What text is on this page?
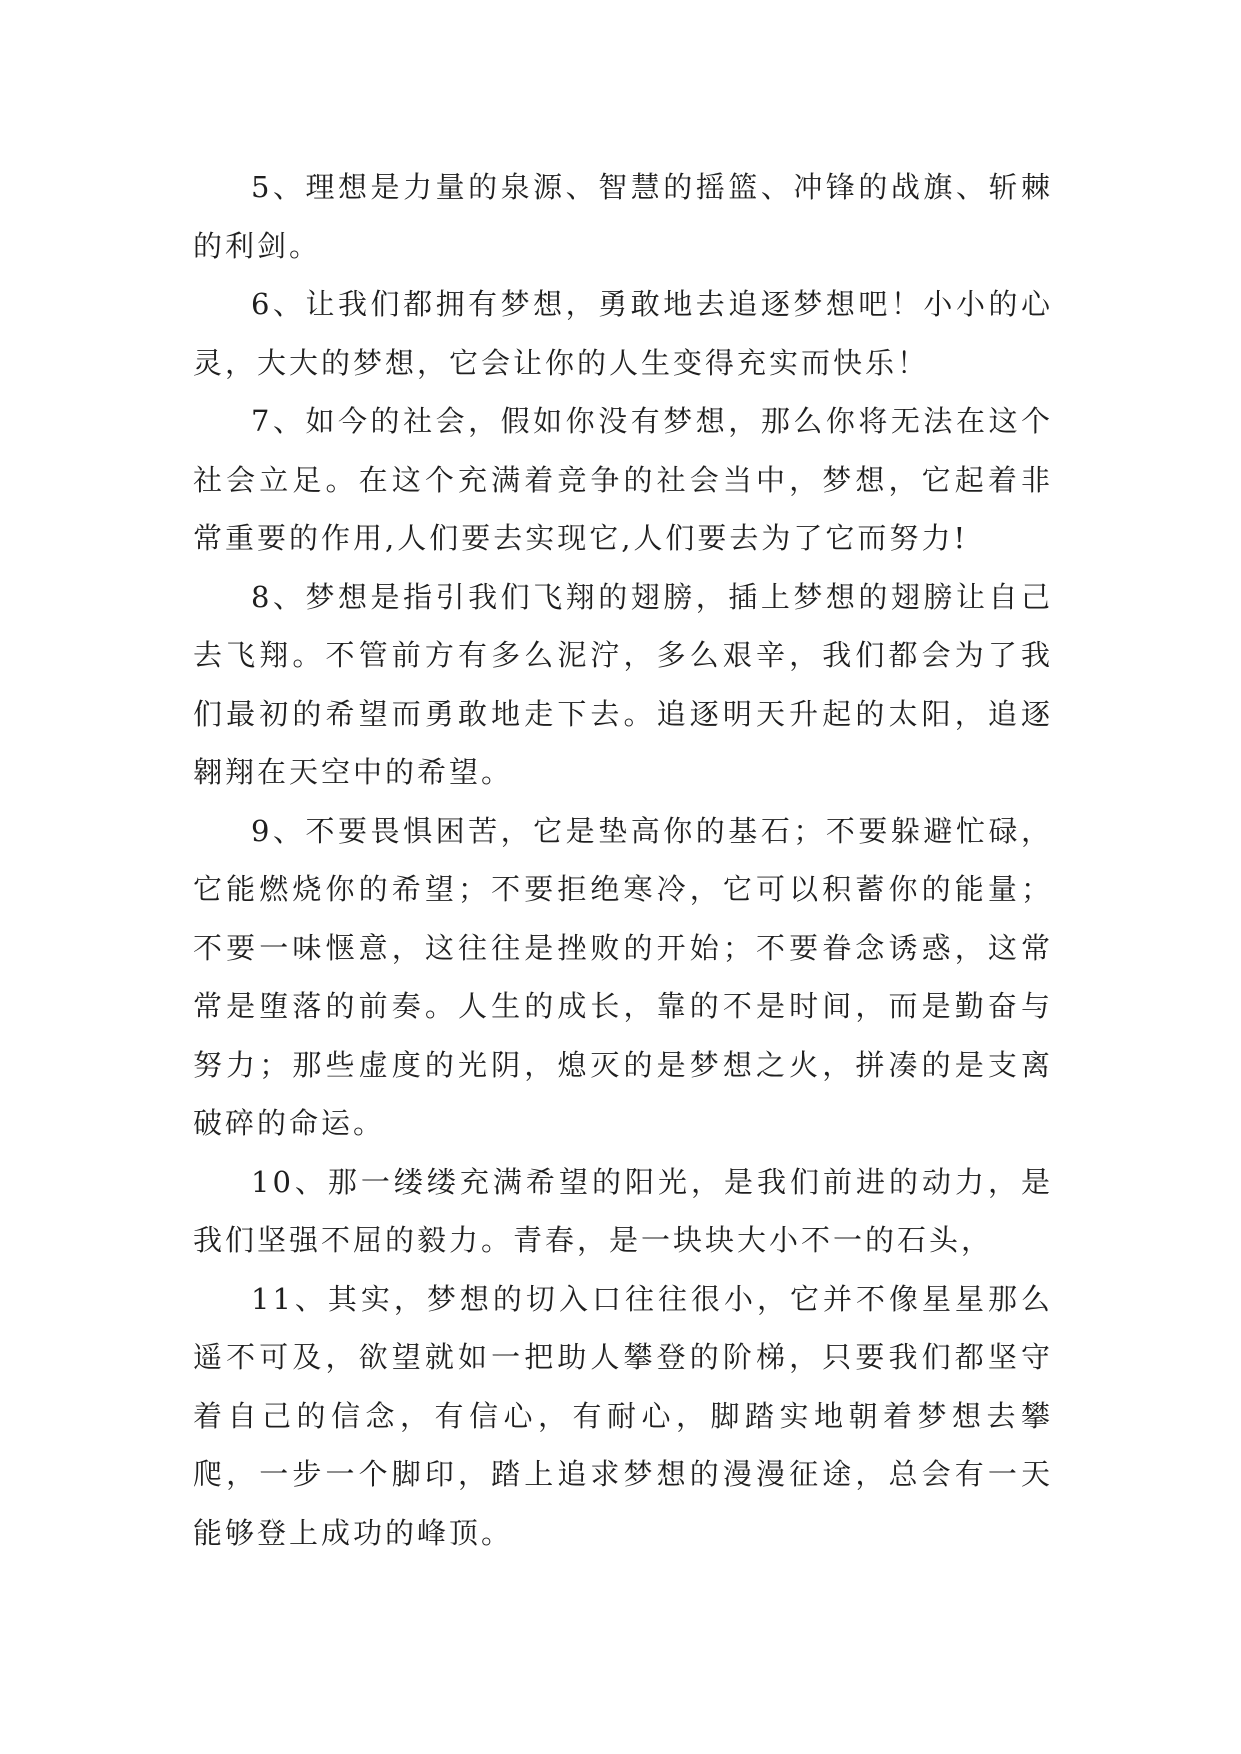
5、理想是力量的泉源、智慧的摇篮、冲锋的战旗、斩棘的利剑。

6、让我们都拥有梦想，勇敢地去追逐梦想吧！小小的心灵，大大的梦想，它会让你的人生变得充实而快乐！

7、如今的社会，假如你没有梦想，那么你将无法在这个社会立足。在这个充满着竞争的社会当中，梦想，它起着非常重要的作用,人们要去实现它,人们要去为了它而努力!

8、梦想是指引我们飞翔的翅膀，插上梦想的翅膀让自己去飞翔。不管前方有多么泥泞，多么艰辛，我们都会为了我们最初的希望而勇敢地走下去。追逐明天升起的太阳，追逐翱翔在天空中的希望。

9、不要畏惧困苦，它是垫高你的基石；不要躲避忙碌，它能燃烧你的希望；不要拒绝寒冷，它可以积蓄你的能量；不要一味惬意，这往往是挫败的开始；不要眷念诱惑，这常常是堕落的前奏。人生的成长，靠的不是时间，而是勤奋与努力；那些虚度的光阴，熄灭的是梦想之火，拼凑的是支离破碎的命运。

10、那一缕缕充满希望的阳光，是我们前进的动力，是我们坚强不屈的毅力。青春，是一块块大小不一的石头，

11、其实，梦想的切入口往往很小，它并不像星星那么遥不可及，欲望就如一把助人攀登的阶梯，只要我们都坚守着自己的信念，有信心，有耐心，脚踏实地朝着梦想去攀爬，一步一个脚印，踏上追求梦想的漫漫征途，总会有一天能够登上成功的峰顶。
